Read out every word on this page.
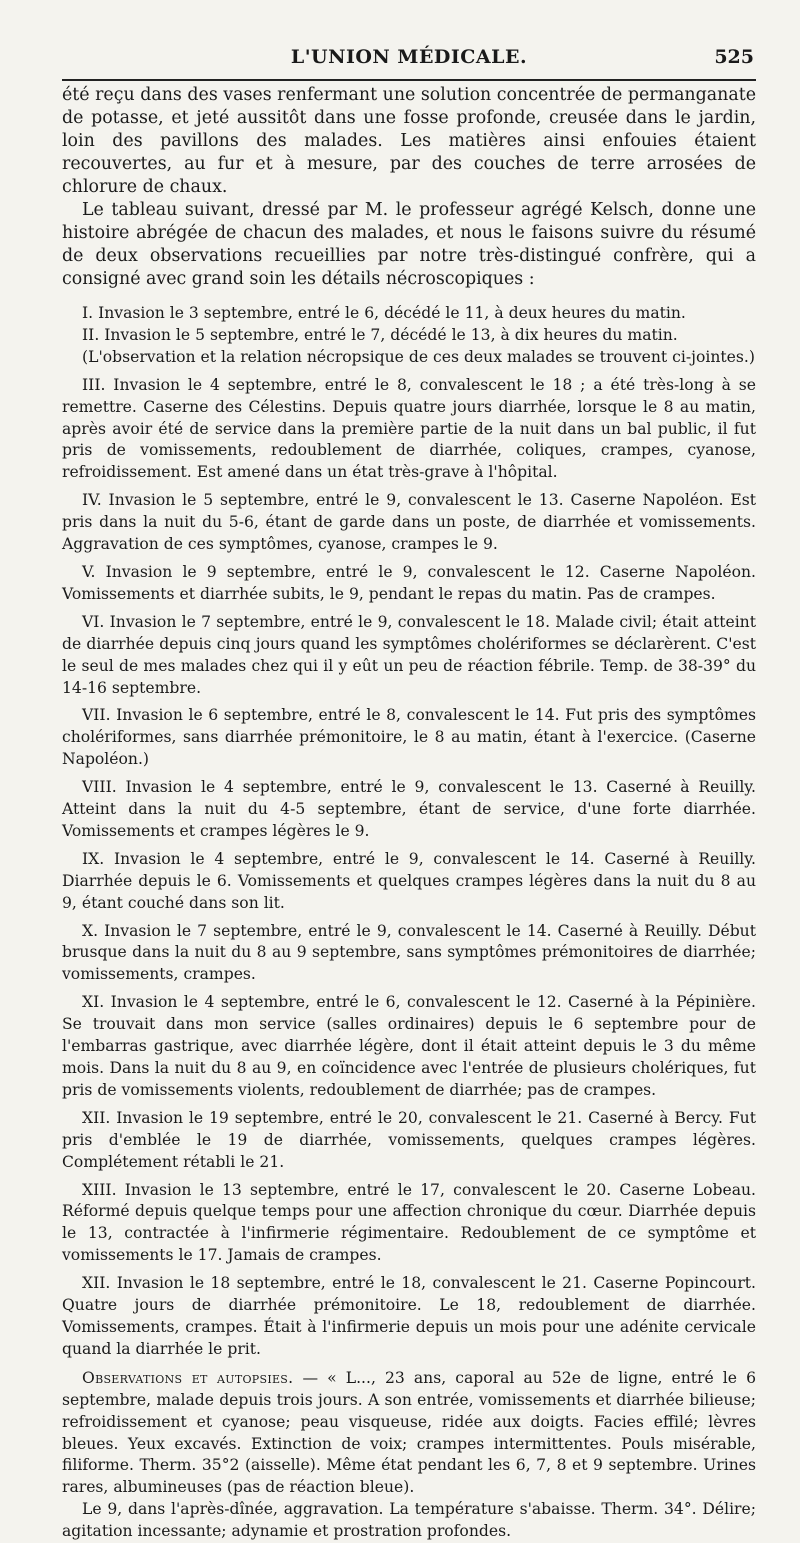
L'UNION MÉDICALE.	525

été reçu dans des vases renfermant une solution concentrée de permanganate de potasse, et jeté aussitôt dans une fosse profonde, creusée dans le jardin, loin des pavillons des malades. Les matières ainsi enfouies étaient recouvertes, au fur et à mesure, par des couches de terre arrosées de chlorure de chaux.

Le tableau suivant, dressé par M. le professeur agrégé Kelsch, donne une histoire abrégée de chacun des malades, et nous le faisons suivre du résumé de deux observations recueillies par notre très-distingué confrère, qui a consigné avec grand soin les détails nécroscopiques :

I. Invasion le 3 septembre, entré le 6, décédé le 11, à deux heures du matin.

II. Invasion le 5 septembre, entré le 7, décédé le 13, à dix heures du matin.

(L'observation et la relation nécropsique de ces deux malades se trouvent ci-jointes.)

III. Invasion le 4 septembre, entré le 8, convalescent le 18 ; a été très-long à se remettre. Caserne des Célestins. Depuis quatre jours diarrhée, lorsque le 8 au matin, après avoir été de service dans la première partie de la nuit dans un bal public, il fut pris de vomissements, redoublement de diarrhée, coliques, crampes, cyanose, refroidissement. Est amené dans un état très-grave à l'hôpital.

IV. Invasion le 5 septembre, entré le 9, convalescent le 13. Caserne Napoléon. Est pris dans la nuit du 5-6, étant de garde dans un poste, de diarrhée et vomissements. Aggravation de ces symptômes, cyanose, crampes le 9.

V. Invasion le 9 septembre, entré le 9, convalescent le 12. Caserne Napoléon. Vomissements et diarrhée subits, le 9, pendant le repas du matin. Pas de crampes.

VI. Invasion le 7 septembre, entré le 9, convalescent le 18. Malade civil; était atteint de diarrhée depuis cinq jours quand les symptômes cholériformes se déclarèrent. C'est le seul de mes malades chez qui il y eût un peu de réaction fébrile. Temp. de 38-39° du 14-16 septembre.

VII. Invasion le 6 septembre, entré le 8, convalescent le 14. Fut pris des symptômes cholériformes, sans diarrhée prémonitoire, le 8 au matin, étant à l'exercice. (Caserne Napoléon.)

VIII. Invasion le 4 septembre, entré le 9, convalescent le 13. Caserné à Reuilly. Atteint dans la nuit du 4-5 septembre, étant de service, d'une forte diarrhée. Vomissements et crampes légères le 9.

IX. Invasion le 4 septembre, entré le 9, convalescent le 14. Caserné à Reuilly. Diarrhée depuis le 6. Vomissements et quelques crampes légères dans la nuit du 8 au 9, étant couché dans son lit.

X. Invasion le 7 septembre, entré le 9, convalescent le 14. Caserné à Reuilly. Début brusque dans la nuit du 8 au 9 septembre, sans symptômes prémonitoires de diarrhée; vomissements, crampes.

XI. Invasion le 4 septembre, entré le 6, convalescent le 12. Caserné à la Pépinière. Se trouvait dans mon service (salles ordinaires) depuis le 6 septembre pour de l'embarras gastrique, avec diarrhée légère, dont il était atteint depuis le 3 du même mois. Dans la nuit du 8 au 9, en coïncidence avec l'entrée de plusieurs cholériques, fut pris de vomissements violents, redoublement de diarrhée; pas de crampes.

XII. Invasion le 19 septembre, entré le 20, convalescent le 21. Caserné à Bercy. Fut pris d'emblée le 19 de diarrhée, vomissements, quelques crampes légères. Complétement rétabli le 21.

XIII. Invasion le 13 septembre, entré le 17, convalescent le 20. Caserne Lobeau. Réformé depuis quelque temps pour une affection chronique du cœur. Diarrhée depuis le 13, contractée à l'infirmerie régimentaire. Redoublement de ce symptôme et vomissements le 17. Jamais de crampes.

XII. Invasion le 18 septembre, entré le 18, convalescent le 21. Caserne Popincourt. Quatre jours de diarrhée prémonitoire. Le 18, redoublement de diarrhée. Vomissements, crampes. Était à l'infirmerie depuis un mois pour une adénite cervicale quand la diarrhée le prit.

Observations et autopsies. — « L..., 23 ans, caporal au 52e de ligne, entré le 6 septembre, malade depuis trois jours. A son entrée, vomissements et diarrhée bilieuse; refroidissement et cyanose; peau visqueuse, ridée aux doigts. Facies effilé; lèvres bleues. Yeux excavés. Extinction de voix; crampes intermittentes. Pouls misérable, filiforme. Therm. 35°2 (aisselle). Même état pendant les 6, 7, 8 et 9 septembre. Urines rares, albumineuses (pas de réaction bleue).

Le 9, dans l'après-dînée, aggravation. La température s'abaisse. Therm. 34°. Délire; agitation incessante; adynamie et prostration profondes.
